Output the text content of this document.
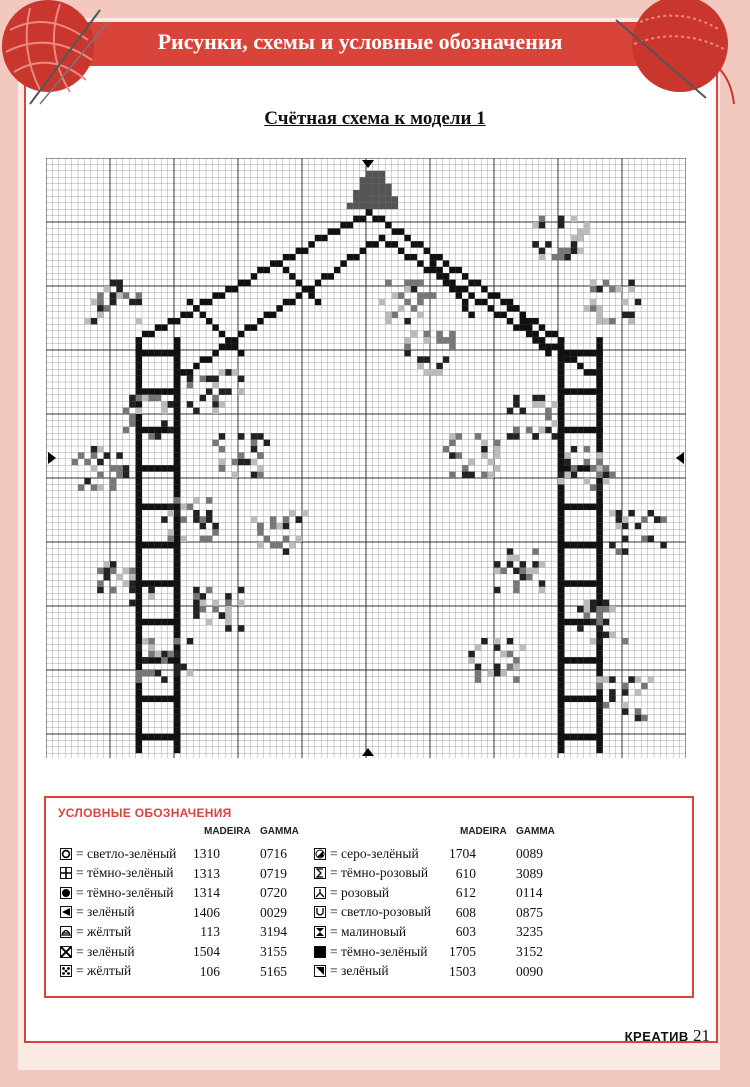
Рисунки, схемы и условные обозначения
Счётная схема к модели 1
УСЛОВНЫЕ ОБОЗНАЧЕНИЯ
MADEIRA GAMMA	MADEIRA GAMMA
= светло-зелёный	1310	0716
= тёмно-зелёный	1313	0719
= тёмно-зелёный	1314	0720
= зелёный	1406	0029
= жёлтый	113	3194
= зелёный	1504	3155
= жёлтый	106	5165
= серо-зелёный	1704	0089
= тёмно-розовый	610	3089
= розовый	612	0114
= светло-розовый	608	0875
= малиновый	603	3235
= тёмно-зелёный	1705	3152
= зелёный	1503	0090
КРЕАТИВ 21
